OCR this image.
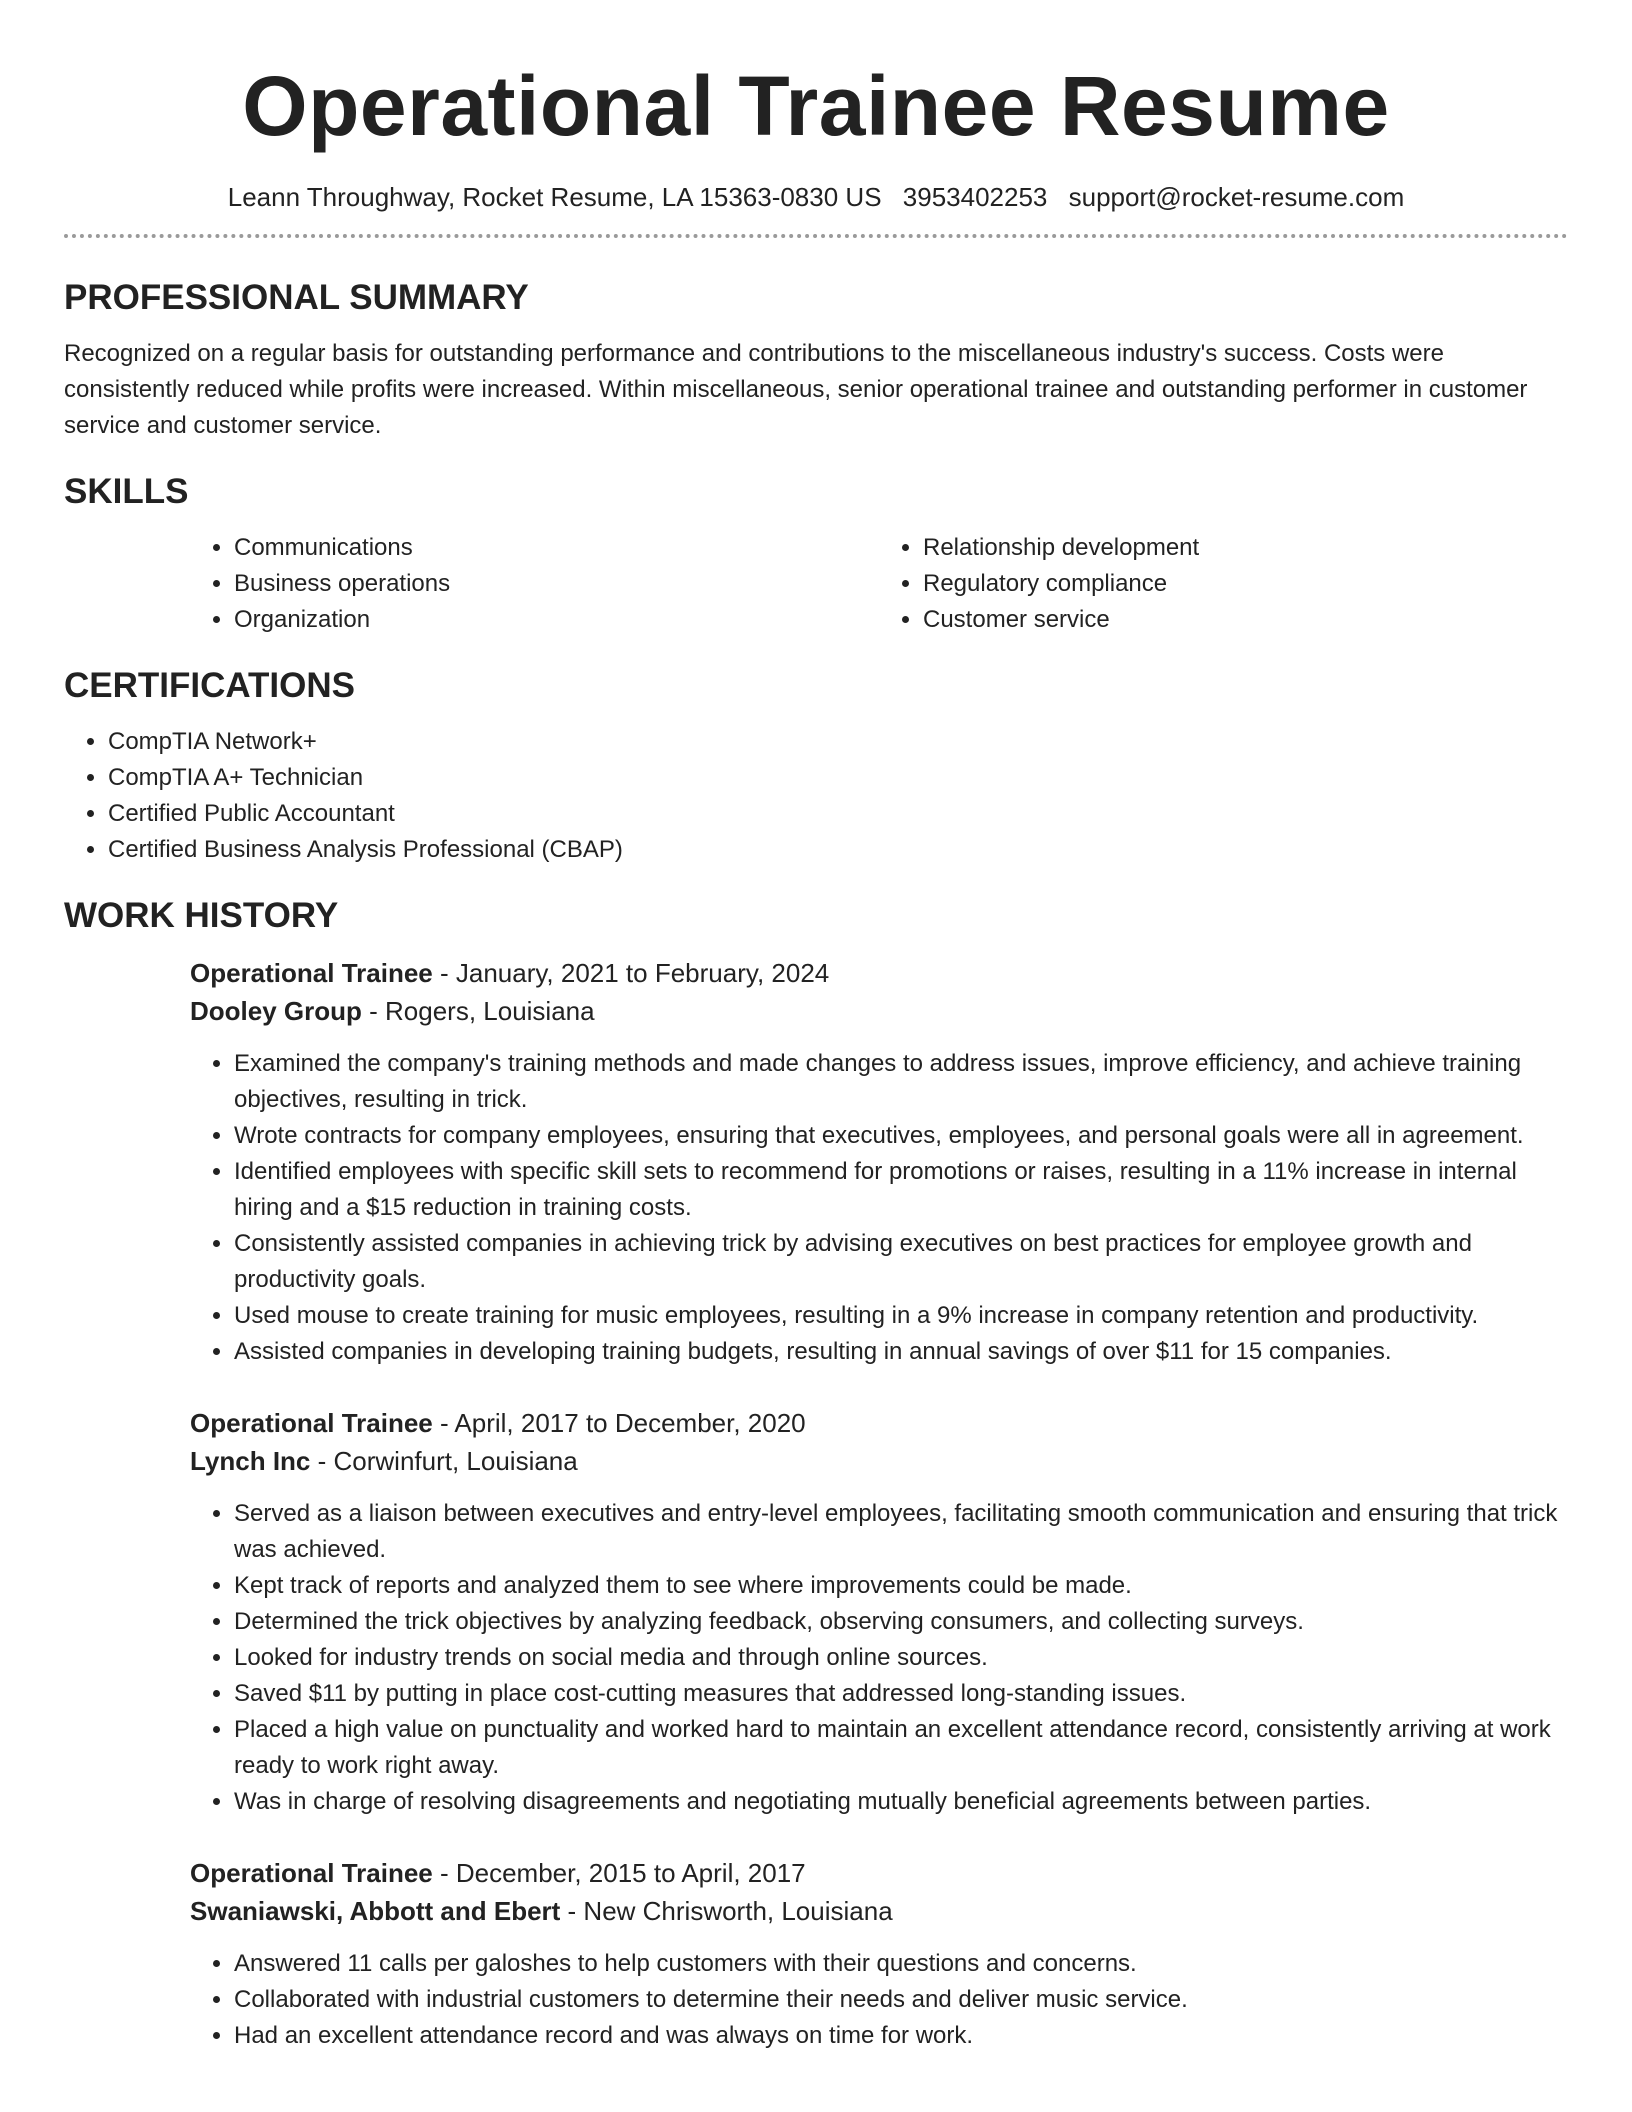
Operational Trainee Resume
Leann Throughway, Rocket Resume, LA 15363-0830 US 3953402253 support@rocket-resume.com
PROFESSIONAL SUMMARY

Recognized on a regular basis for outstanding performance and contributions to the miscellaneous industry's success. Costs were consistently reduced while profits were increased. Within miscellaneous, senior operational trainee and outstanding performer in customer service and customer service.

SKILLS
• Communications
• Business operations
• Organization
• Relationship development
• Regulatory compliance
• Customer service
CERTIFICATIONS
• CompTIA Network+
• CompTIA A+ Technician
• Certified Public Accountant
• Certified Business Analysis Professional (CBAP)
WORK HISTORY
Operational Trainee - January, 2021 to February, 2024
Dooley Group - Rogers, Louisiana
• Examined the company's training methods and made changes to address issues, improve efficiency, and achieve training objectives, resulting in trick.
• Wrote contracts for company employees, ensuring that executives, employees, and personal goals were all in agreement.
• Identified employees with specific skill sets to recommend for promotions or raises, resulting in a 11% increase in internal hiring and a $15 reduction in training costs.
• Consistently assisted companies in achieving trick by advising executives on best practices for employee growth and productivity goals.
• Used mouse to create training for music employees, resulting in a 9% increase in company retention and productivity.
• Assisted companies in developing training budgets, resulting in annual savings of over $11 for 15 companies.
Operational Trainee - April, 2017 to December, 2020
Lynch Inc - Corwinfurt, Louisiana
• Served as a liaison between executives and entry-level employees, facilitating smooth communication and ensuring that trick was achieved.
• Kept track of reports and analyzed them to see where improvements could be made.
• Determined the trick objectives by analyzing feedback, observing consumers, and collecting surveys.
• Looked for industry trends on social media and through online sources.
• Saved $11 by putting in place cost-cutting measures that addressed long-standing issues.
• Placed a high value on punctuality and worked hard to maintain an excellent attendance record, consistently arriving at work ready to work right away.
• Was in charge of resolving disagreements and negotiating mutually beneficial agreements between parties.
Operational Trainee - December, 2015 to April, 2017
Swaniawski, Abbott and Ebert - New Chrisworth, Louisiana
• Answered 11 calls per galoshes to help customers with their questions and concerns.
• Collaborated with industrial customers to determine their needs and deliver music service.
• Had an excellent attendance record and was always on time for work.
